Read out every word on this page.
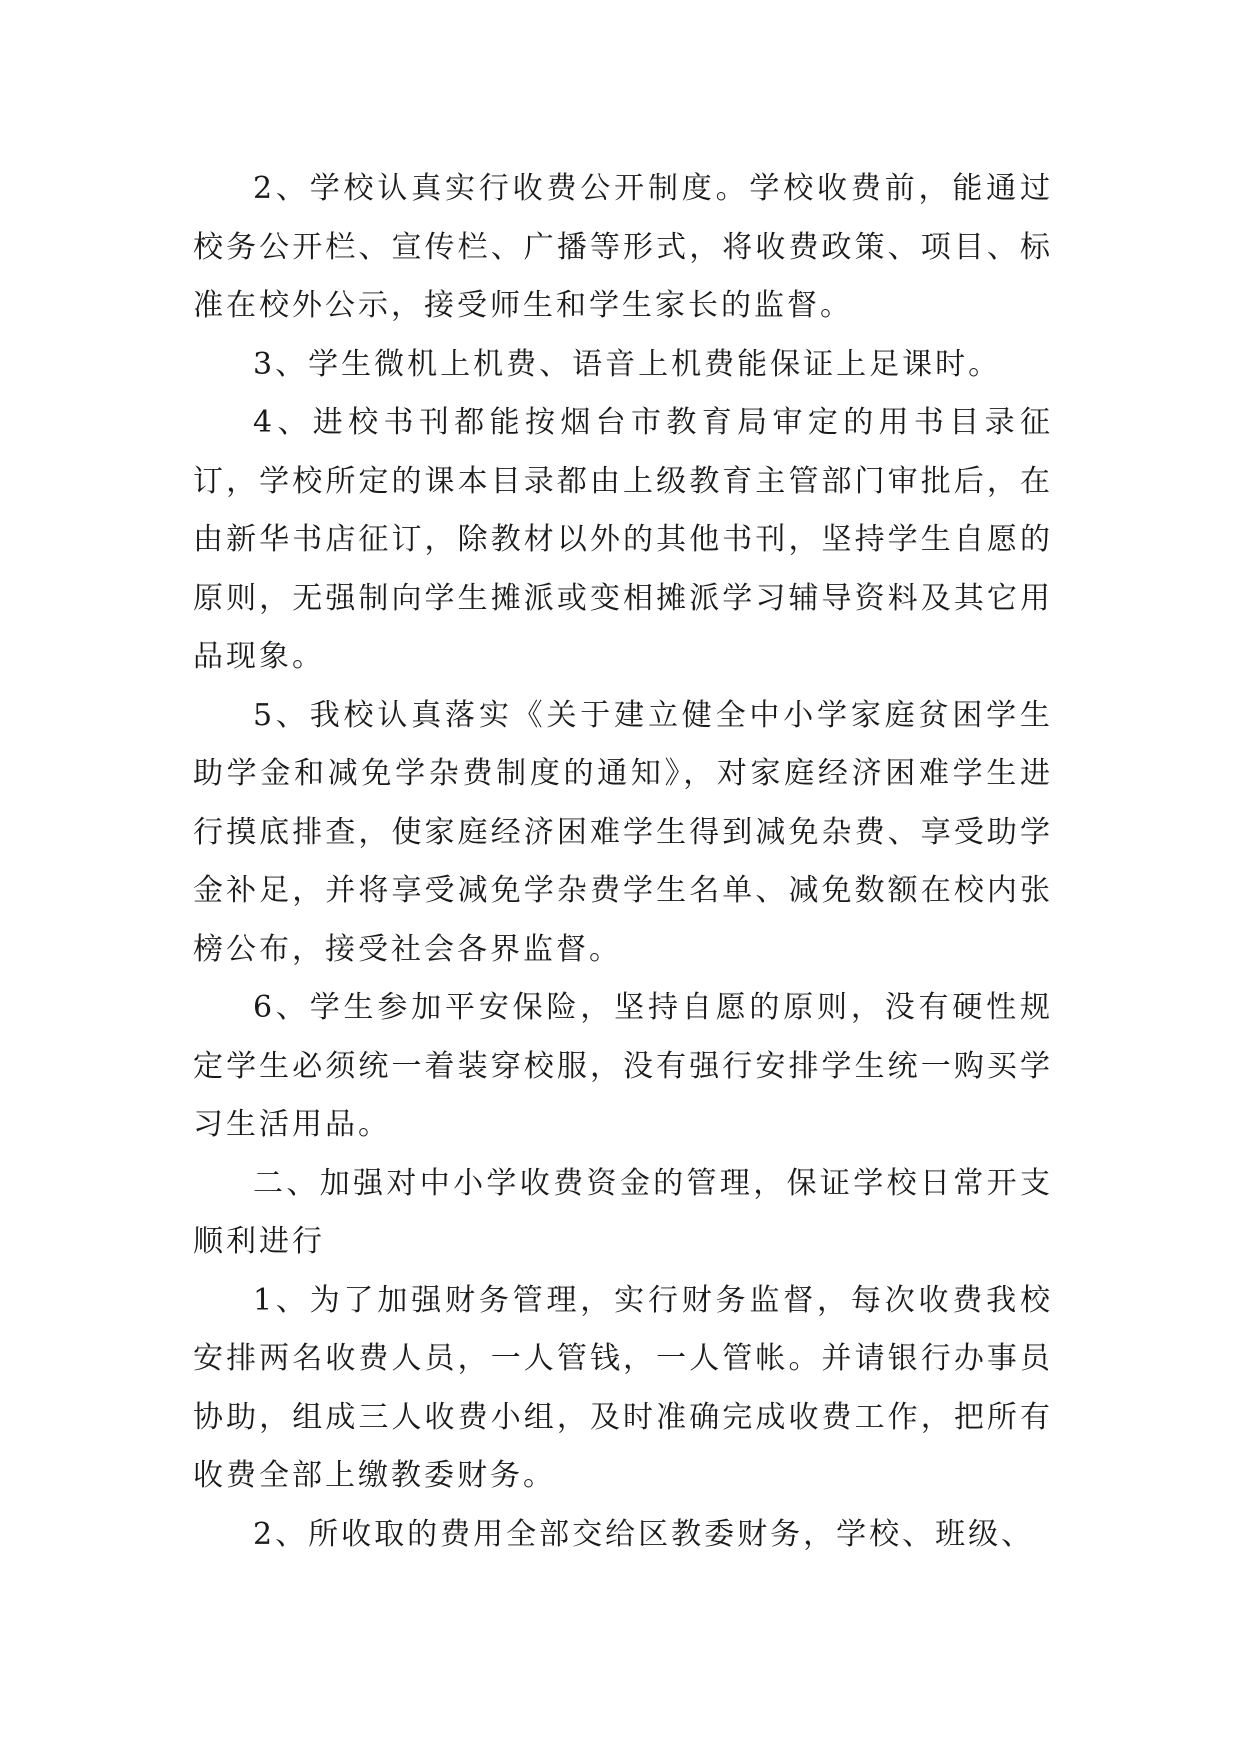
2、学校认真实行收费公开制度。学校收费前，能通过校务公开栏、宣传栏、广播等形式，将收费政策、项目、标准在校外公示，接受师生和学生家长的监督。

3、学生微机上机费、语音上机费能保证上足课时。

4、进校书刊都能按烟台市教育局审定的用书目录征订，学校所定的课本目录都由上级教育主管部门审批后，在由新华书店征订，除教材以外的其他书刊，坚持学生自愿的原则，无强制向学生摊派或变相摊派学习辅导资料及其它用品现象。

5、我校认真落实《关于建立健全中小学家庭贫困学生助学金和减免学杂费制度的通知》，对家庭经济困难学生进行摸底排查，使家庭经济困难学生得到减免杂费、享受助学金补足，并将享受减免学杂费学生名单、减免数额在校内张榜公布，接受社会各界监督。

6、学生参加平安保险，坚持自愿的原则，没有硬性规定学生必须统一着装穿校服，没有强行安排学生统一购买学习生活用品。

二、加强对中小学收费资金的管理，保证学校日常开支顺利进行

1、为了加强财务管理，实行财务监督，每次收费我校安排两名收费人员，一人管钱，一人管帐。并请银行办事员协助，组成三人收费小组，及时准确完成收费工作，把所有收费全部上缴教委财务。

2、所收取的费用全部交给区教委财务，学校、班级、
